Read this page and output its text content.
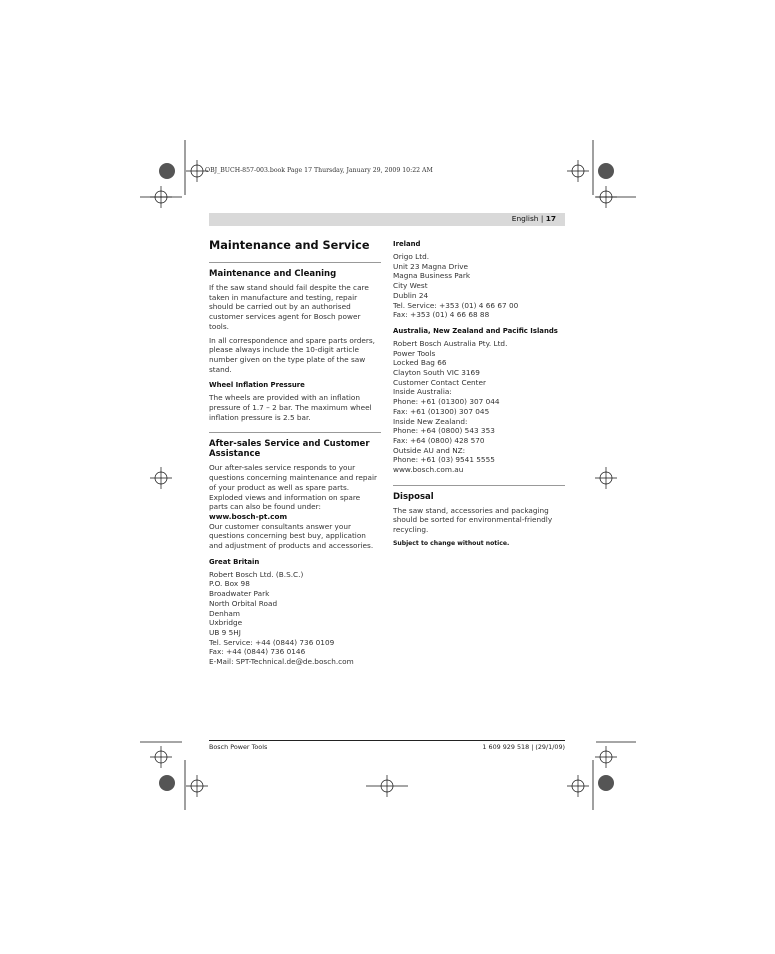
OBJ_BUCH-857-003.book Page 17 Thursday, January 29, 2009 10:22 AM
English | 17
Maintenance and Service
Maintenance and Cleaning

If the saw stand should fail despite the care taken in manufacture and testing, repair should be carried out by an authorised customer services agent for Bosch power tools.

In all correspondence and spare parts orders, please always include the 10-digit article number given on the type plate of the saw stand.

Wheel Inflation Pressure

The wheels are provided with an inflation pressure of 1.7 – 2 bar. The maximum wheel inflation pressure is 2.5 bar.

After-sales Service and Customer Assistance

Our after-sales service responds to your questions concerning maintenance and repair of your product as well as spare parts. Exploded views and information on spare parts can also be found under:

www.bosch-pt.com

Our customer consultants answer your questions concerning best buy, application and adjustment of products and accessories.

Great Britain
Robert Bosch Ltd. (B.S.C.)
P.O. Box 98
Broadwater Park
North Orbital Road
Denham
Uxbridge
UB 9 5HJ
Tel. Service: +44 (0844) 736 0109
Fax: +44 (0844) 736 0146
E-Mail: SPT-Technical.de@de.bosch.com
Ireland
Origo Ltd.
Unit 23 Magna Drive
Magna Business Park
City West
Dublin 24
Tel. Service: +353 (01) 4 66 67 00
Fax: +353 (01) 4 66 68 88
Australia, New Zealand and Pacific Islands
Robert Bosch Australia Pty. Ltd.
Power Tools
Locked Bag 66
Clayton South VIC 3169
Customer Contact Center
Inside Australia:
Phone: +61 (01300) 307 044
Fax: +61 (01300) 307 045
Inside New Zealand:
Phone: +64 (0800) 543 353
Fax: +64 (0800) 428 570
Outside AU and NZ:
Phone: +61 (03) 9541 5555
www.bosch.com.au
Disposal

The saw stand, accessories and packaging should be sorted for environmental-friendly recycling.

Subject to change without notice.
Bosch Power Tools	1 609 929 518 | (29/1/09)
